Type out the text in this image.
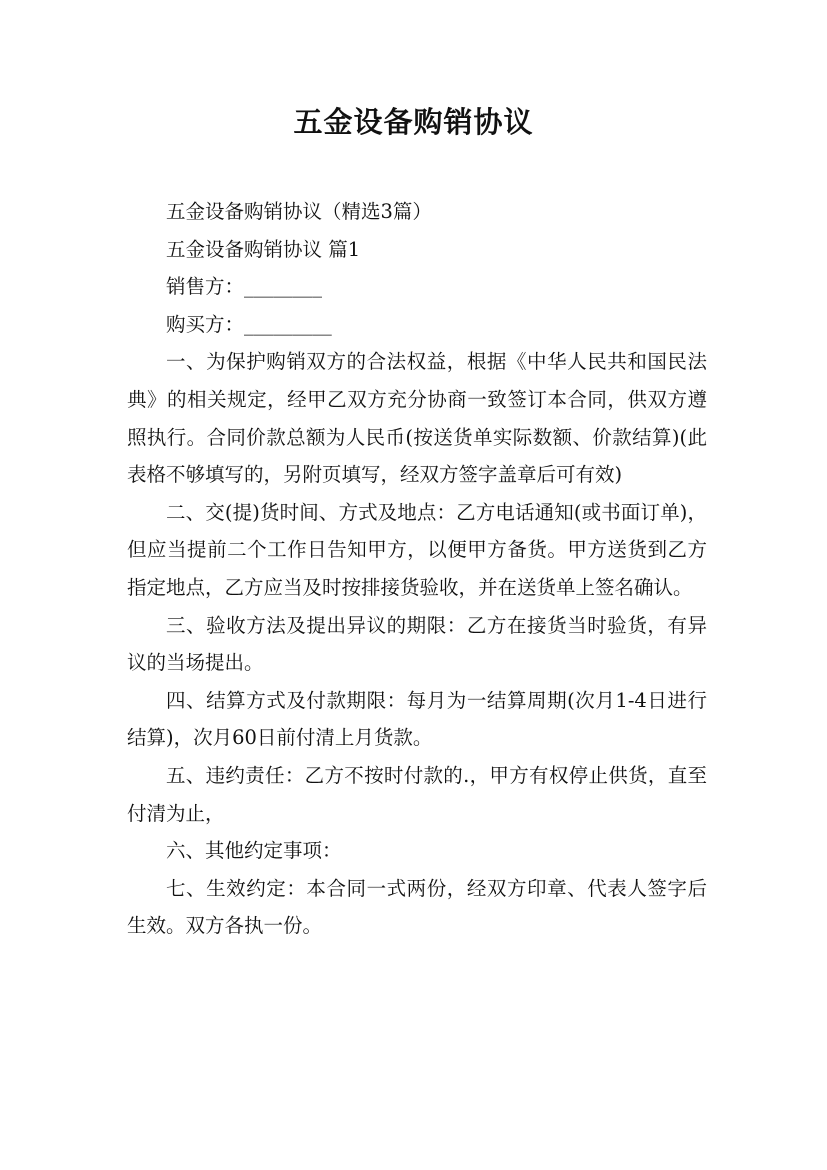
五金设备购销协议

五金设备购销协议（精选3篇）

五金设备购销协议 篇1

销售方：________

购买方：_________

一、为保护购销双方的合法权益，根据《中华人民共和国民法典》的相关规定，经甲乙双方充分协商一致签订本合同，供双方遵照执行。合同价款总额为人民币(按送货单实际数额、价款结算)(此表格不够填写的，另附页填写，经双方签字盖章后可有效)

二、交(提)货时间、方式及地点：乙方电话通知(或书面订单)，但应当提前二个工作日告知甲方，以便甲方备货。甲方送货到乙方指定地点，乙方应当及时按排接货验收，并在送货单上签名确认。

三、验收方法及提出异议的期限：乙方在接货当时验货，有异议的当场提出。

四、结算方式及付款期限：每月为一结算周期(次月1-4日进行结算)，次月60日前付清上月货款。

五、违约责任：乙方不按时付款的.，甲方有权停止供货，直至付清为止，

六、其他约定事项：

七、生效约定：本合同一式两份，经双方印章、代表人签字后生效。双方各执一份。
